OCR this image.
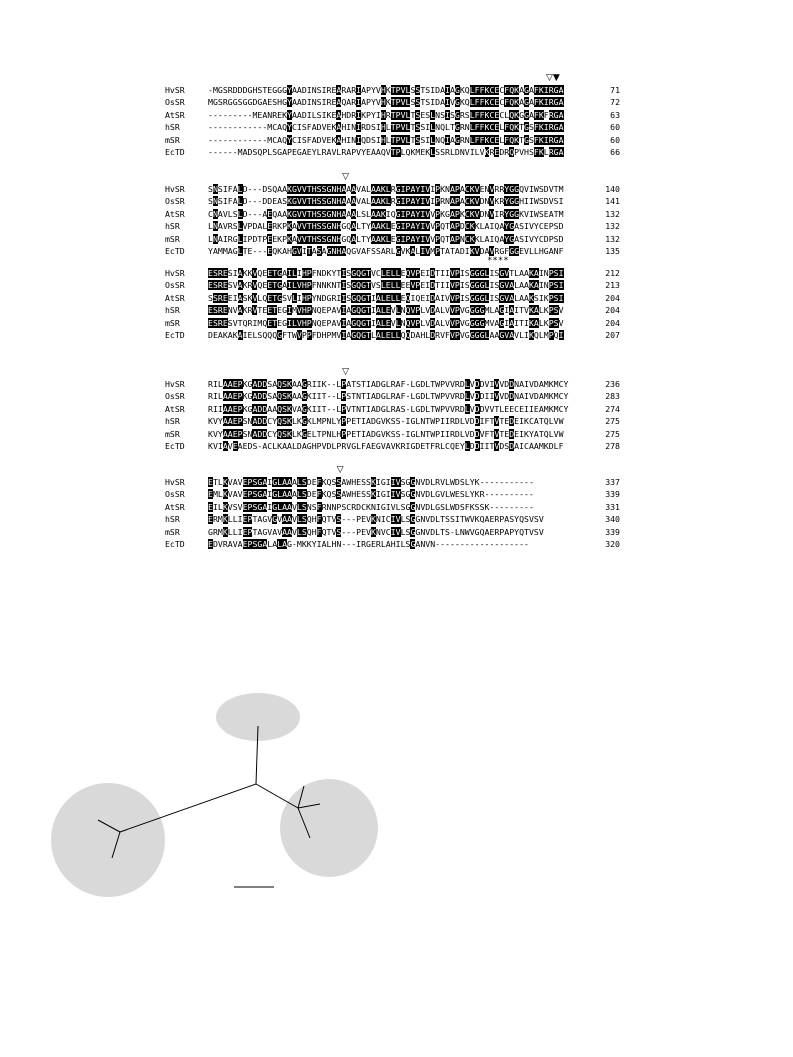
▽▼
HvSR	-MGSRDDDGHSTEGGGYAADINSIREARARIAPYVHKTPVLSSTSIDAIAGKQLFFKCECFQKAGAFKIRGA	71
OsSR	MGSRGGSGGDGAESHGYAADINSIREAQARIAPYVHKTPVLSSTSIDAIVGKQLFFKCECFQKAGAFKIRGA	72
AtSR	---------MEANREKYAADILSIKEAHDRIKPYIHRTPVLTSESLNSISGRSLFFKCECLQKGGAFKFRGA	63
hSR	------------MCAQYCISFADVEKAHINIRDSIHLTPVLTSSILNQLTGRNLFFKCELFQKTGSFKIRGA	60
mSR	------------MCAQYCISFADVEKAHINIQDSIHLTPVLTSSILNQIAGRNLFFKCELFQKTGSFKIRGA	60
EcTD	------MADSQPLSGAPEGAEYLRAVLRAPVYEAAQVTPLQKMEKLSSRLDNVILVKREDRQPVHSFKLRGA	66
▽
HvSR	SNSIFALD---DSQAAKGVVTHSSGNHAAAVALAAKLRGIPAYIVIPKNAPACKVENVRRYGGQVIWSDVTM	140
OsSR	SNSIFALD---DDEASKGVVTHSSGNHAAAVALAAKLRGIPAYIVIPRNAPACKVDNVKRYGGHIIWSDVSI	141
AtSR	CNAVLSLD---AEQAAKGVVTHSSGNHAAALSLAAKIQGIPAYIVVPKGAPKCKVDNVIRYGGKVIWSEATM	132
hSR	LNAVRSLVPDALERKPKAVVTHSSGNHGQALTYAAKLEGIPAYIVVPQTAPDCKKLAIQAYGASIVYCEPSD	132
mSR	LNAIRGLIPDTPEEKPKAVVTHSSGNHGQALTYAAKLEGIPAYIVVPQTAPNCKKLAIQAYGASIVYCDPSD	132
EcTD	YAMMAGLTE---EQKAHGVITASAGNHAQGVAFSSARLGVKALIVMPTATADIKVDAVRGFGGEVLLHGANF	135
****
HvSR	ESRESIAKKVQEETGAILIHPFNDKYTISGQGTVCLELLEQVPEIDTIIVPISGGGLISGVTLAAKAINPSI	212
OsSR	ESRESVAKRVQEETGAILVHPFNNKNTISGQGTVSLELLEEVPEIDTIIVPISGGGLISGVALAAKAINPSI	213
AtSR	SSREEIASKVLQETGSVLIHPYNDGRIISGQGTIALELLEQIQEIDAIVVPISGGGLISGVALAAKSIKPSI	204
hSR	ESRENVAKRVTEETEGIMVHPNQEPAVIAGQGTIALEVLNQVPLVDALVVPVGGGGMLAGIAITVKALKPSV	204
mSR	ESRESVTQRIMQETEGILVHPNQEPAVIAGQGTIALEVLNQVPLVDALVVPVGGGGMVAGIAITIKALKPSV	204
EcTD	DEAKAKAIELSQQQGFTWVPPFDHPMVIAGQGTLALELLQQDAHLDRVFVPVGGGGLAAGVAVLIKQLMPQI	207
▽
HvSR	RILAAEPKGADDSAQSKAAGRIIK--LPATSTIADGLRAF-LGDLTWPVVRDLVDDVIVVDDNAIVDAMKMCY	236
OsSR	RILAAEPKGADDSAQSKAAGKIIT--LPSTNTIADGLRAF-LGDLTWPVVRDLVDDIIVVDDNAIVDAMKMCY	283
AtSR	RIIAAEPKGADDAAQSKVAGKIIT--LPVTNTIADGLRAS-LGDLTWPVVRDLVDDVVTLEECEIIEAMKMCY	274
hSR	KVYAAEPSNADDCYQSKLKGKLMPNLYPPETIADGVKSS-IGLNTWPIIRDLVDDIFTVTEDEIKCATQLVW	275
mSR	KVYAAEPSNADDCYQSKLKGELTPNLHPPETIADGVKSS-IGLNTWPIIRDLVDDVFTVTEDEIKYATQLVW	275
EcTD	KVIAVEAEDS-ACLKAALDAGHPVDLPRVGLFAEGVAVKRIGDETFRLCQEYLDDIITVDSDAICAAMKDLF	278
▽
HvSR	ETLKVAVEPSGAIGLAAALSDEFKQSSAWHESSKIGIIVSGGNVDLRVLWDSLYK-----------	337
OsSR	EMLKVAVEPSGAIGLAAALSDEFKQSSAWHESSKIGIIVSGGNVDLGVLWESLYKR----------	339
AtSR	EILKVSVEPSGAIGLAAVLSNSFRNNPSCRDCKNIGIVLSGGNVDLGSLWDSFKSSK---------	331
hSR	ERMKLLIEPTAGVGVAAVLSQHFQTVS---PEVKNICIVLSGGNVDLTSSITWVKQAERPASYQSVSV	340
mSR	GRMKLLIEPTAGVAVAAVLSQHFQTVS---PEVKNVCIVLSGGNVDLTS-LNWVGQAERPAPYQTVSV	339
EcTD	EDVRAVAEPSGALALAG-MKKYIALHN---IRGERLAHILSGANVN-------------------	320
